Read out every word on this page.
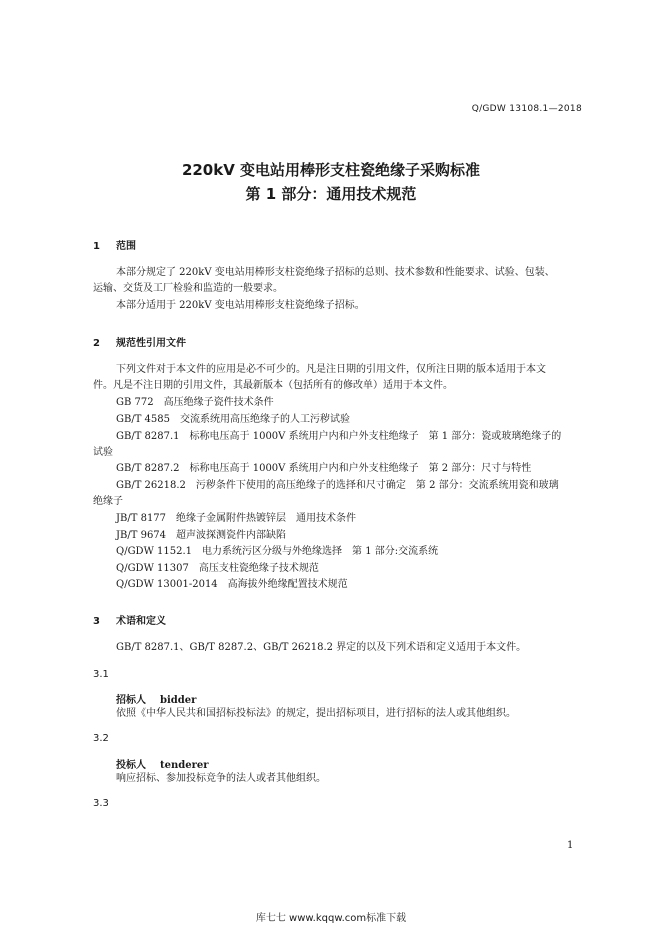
Q/GDW 13108.1—2018
220kV 变电站用棒形支柱瓷绝缘子采购标准
第 1 部分：通用技术规范
1 范围
本部分规定了 220kV 变电站用棒形支柱瓷绝缘子招标的总则、技术参数和性能要求、试验、包装、
运输、交货及工厂检验和监造的一般要求。
本部分适用于 220kV 变电站用棒形支柱瓷绝缘子招标。
2 规范性引用文件
下列文件对于本文件的应用是必不可少的。凡是注日期的引用文件，仅所注日期的版本适用于本文
件。凡是不注日期的引用文件，其最新版本（包括所有的修改单）适用于本文件。
GB 772　高压绝缘子瓷件技术条件
GB/T 4585　交流系统用高压绝缘子的人工污秽试验
GB/T 8287.1　标称电压高于 1000V 系统用户内和户外支柱绝缘子　第 1 部分：瓷或玻璃绝缘子的
试验
GB/T 8287.2　标称电压高于 1000V 系统用户内和户外支柱绝缘子　第 2 部分：尺寸与特性
GB/T 26218.2　污秽条件下使用的高压绝缘子的选择和尺寸确定　第 2 部分：交流系统用瓷和玻璃
绝缘子
JB/T 8177　绝缘子金属附件热镀锌层　通用技术条件
JB/T 9674　超声波探测瓷件内部缺陷
Q/GDW 1152.1　电力系统污区分级与外绝缘选择　第 1 部分:交流系统
Q/GDW 11307　高压支柱瓷绝缘子技术规范
Q/GDW 13001-2014　高海拔外绝缘配置技术规范
3 术语和定义
GB/T 8287.1、GB/T 8287.2、GB/T 26218.2 界定的以及下列术语和定义适用于本文件。
3.1
招标人 bidder
依照《中华人民共和国招标投标法》的规定，提出招标项目，进行招标的法人或其他组织。
3.2
投标人 tenderer
响应招标、参加投标竞争的法人或者其他组织。
3.3
1
库七七 www.kqqw.com标准下载
